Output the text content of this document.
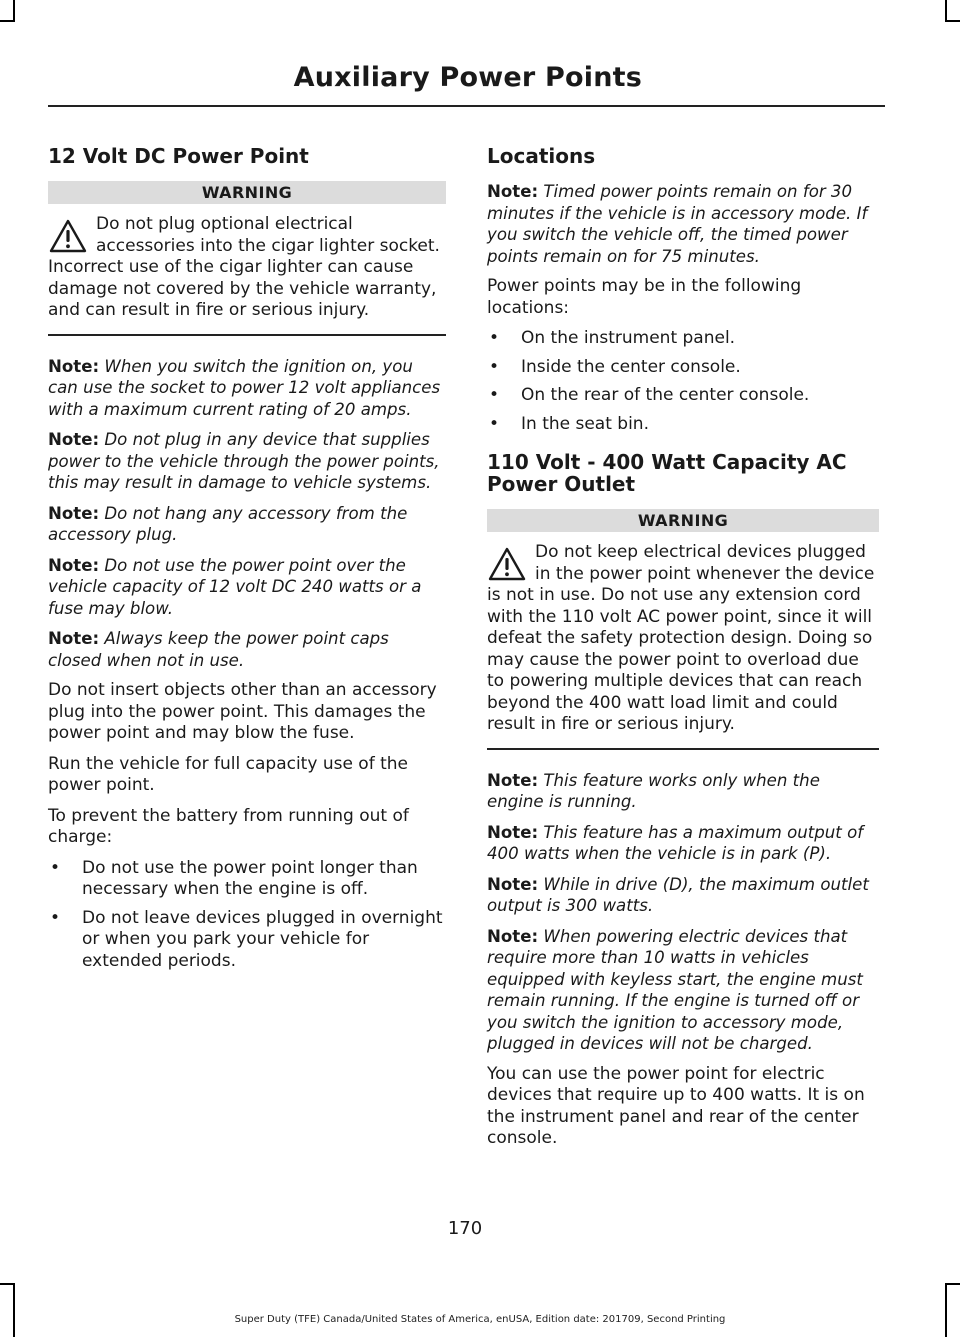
Auxiliary Power Points
12 Volt DC Power Point
WARNING

Do not plug optional electrical accessories into the cigar lighter socket. Incorrect use of the cigar lighter can cause damage not covered by the vehicle warranty, and can result in fire or serious injury.

Note: When you switch the ignition on, you can use the socket to power 12 volt appliances with a maximum current rating of 20 amps.

Note: Do not plug in any device that supplies power to the vehicle through the power points, this may result in damage to vehicle systems.

Note: Do not hang any accessory from the accessory plug.

Note: Do not use the power point over the vehicle capacity of 12 volt DC 240 watts or a fuse may blow.

Note: Always keep the power point caps closed when not in use.

Do not insert objects other than an accessory plug into the power point. This damages the power point and may blow the fuse.

Run the vehicle for full capacity use of the power point.

To prevent the battery from running out of charge:

• Do not use the power point longer than necessary when the engine is off.
• Do not leave devices plugged in overnight or when you park your vehicle for extended periods.
Locations

Note: Timed power points remain on for 30 minutes if the vehicle is in accessory mode. If you switch the vehicle off, the timed power points remain on for 75 minutes.

Power points may be in the following locations:

• On the instrument panel.
• Inside the center console.
• On the rear of the center console.
• In the seat bin.
110 Volt - 400 Watt Capacity AC Power Outlet
WARNING

Do not keep electrical devices plugged in the power point whenever the device is not in use. Do not use any extension cord with the 110 volt AC power point, since it will defeat the safety protection design. Doing so may cause the power point to overload due to powering multiple devices that can reach beyond the 400 watt load limit and could result in fire or serious injury.

Note: This feature works only when the engine is running.

Note: This feature has a maximum output of 400 watts when the vehicle is in park (P).

Note: While in drive (D), the maximum outlet output is 300 watts.

Note: When powering electric devices that require more than 10 watts in vehicles equipped with keyless start, the engine must remain running. If the engine is turned off or you switch the ignition to accessory mode, plugged in devices will not be charged.

You can use the power point for electric devices that require up to 400 watts. It is on the instrument panel and rear of the center console.

170
Super Duty (TFE) Canada/United States of America, enUSA, Edition date: 201709, Second Printing
